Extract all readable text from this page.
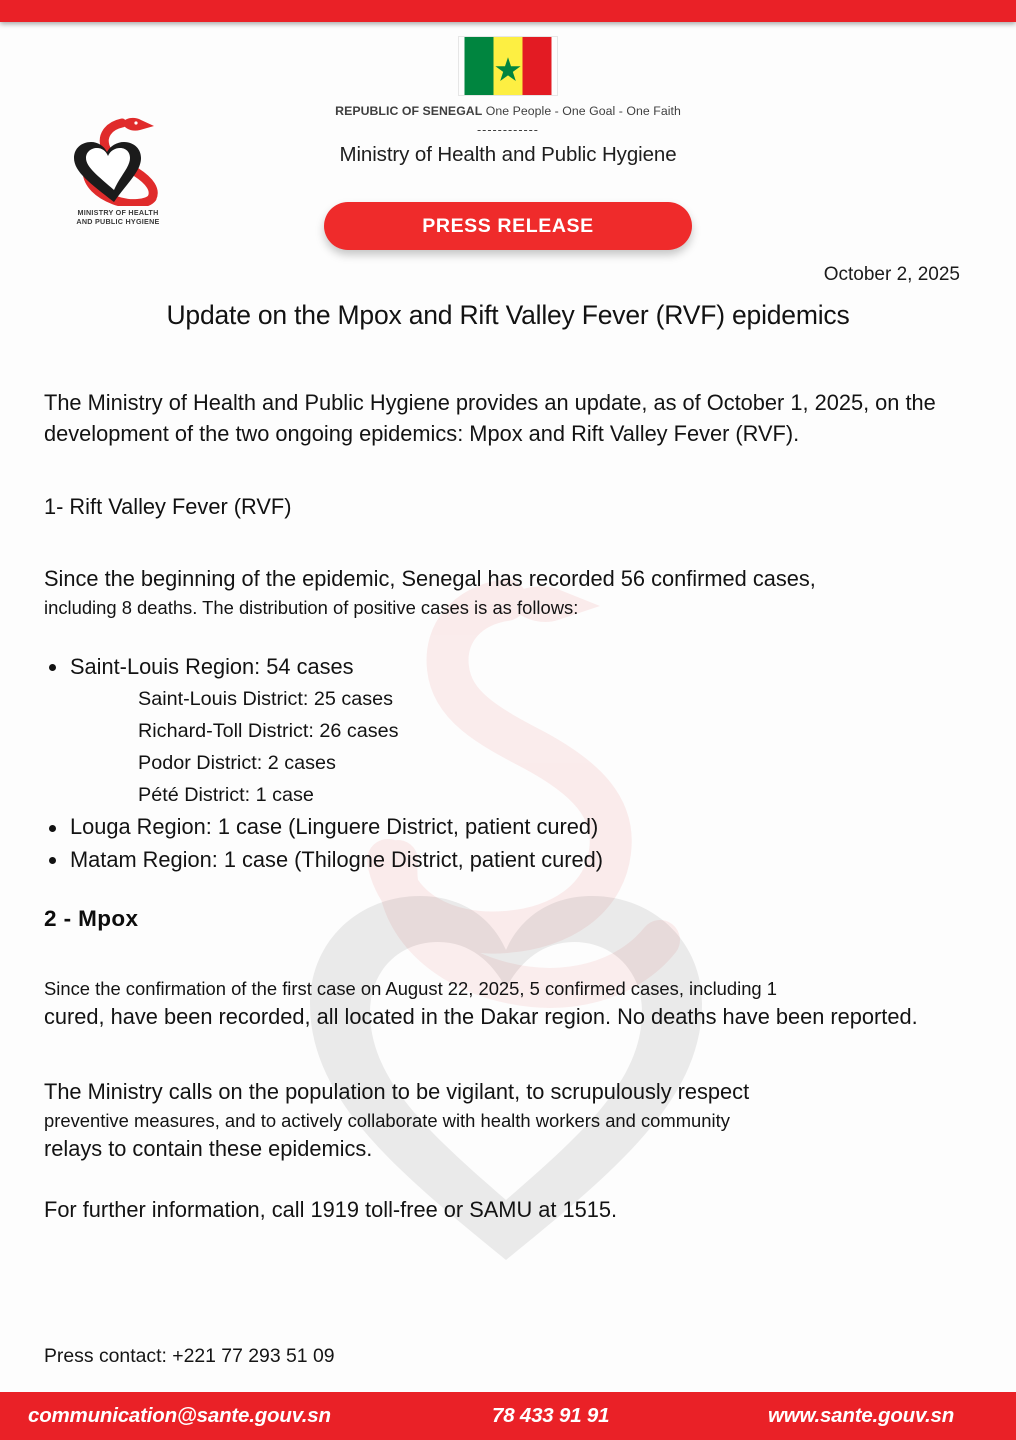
REPUBLIC OF SENEGAL One People - One Goal - One Faith
------------
Ministry of Health and Public Hygiene
MINISTRY OF HEALTH
AND PUBLIC HYGIENE	PRESS RELEASE
October 2, 2025
Update on the Mpox and Rift Valley Fever (RVF) epidemics

The Ministry of Health and Public Hygiene provides an update, as of October 1, 2025, on the development of the two ongoing epidemics: Mpox and Rift Valley Fever (RVF).

1- Rift Valley Fever (RVF)

Since the beginning of the epidemic, Senegal has recorded 56 confirmed cases,

including 8 deaths. The distribution of positive cases is as follows:

Saint-Louis Region: 54 cases
Saint-Louis District: 25 cases
Richard-Toll District: 26 cases
Podor District: 2 cases
Pété District: 1 case
Louga Region: 1 case (Linguere District, patient cured)
Matam Region: 1 case (Thilogne District, patient cured)

2 - Mpox

Since the confirmation of the first case on August 22, 2025, 5 confirmed cases, including 1

cured, have been recorded, all located in the Dakar region. No deaths have been reported.

The Ministry calls on the population to be vigilant, to scrupulously respect

preventive measures, and to actively collaborate with health workers and community

relays to contain these epidemics.

For further information, call 1919 toll-free or SAMU at 1515.

Press contact: +221 77 293 51 09
communication@sante.gouv.sn	78 433 91 91	www.sante.gouv.sn
